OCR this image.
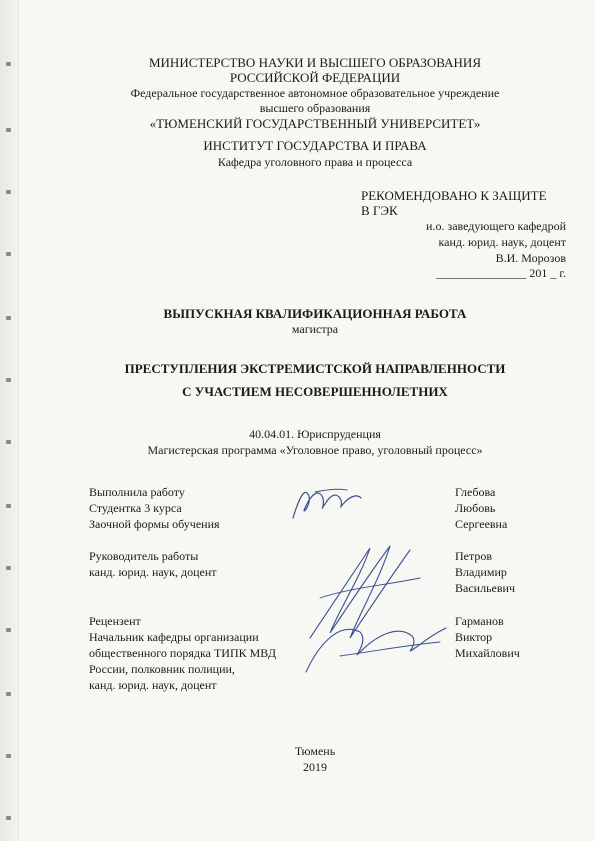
МИНИСТЕРСТВО НАУКИ И ВЫСШЕГО ОБРАЗОВАНИЯ
РОССИЙСКОЙ ФЕДЕРАЦИИ
Федеральное государственное автономное образовательное учреждение
высшего образования
«ТЮМЕНСКИЙ ГОСУДАРСТВЕННЫЙ УНИВЕРСИТЕТ»
ИНСТИТУТ ГОСУДАРСТВА И ПРАВА
Кафедра уголовного права и процесса
РЕКОМЕНДОВАНО К ЗАЩИТЕ
В ГЭК
и.о. заведующего кафедрой
канд. юрид. наук, доцент
В.И. Морозов
_______________ 201 _ г.
ВЫПУСКНАЯ КВАЛИФИКАЦИОННАЯ РАБОТА
магистра
ПРЕСТУПЛЕНИЯ ЭКСТРЕМИСТСКОЙ НАПРАВЛЕННОСТИ
С УЧАСТИЕМ НЕСОВЕРШЕННОЛЕТНИХ
40.04.01. Юриспруденция
Магистерская программа «Уголовное право, уголовный процесс»
Выполнила работу
Студентка 3 курса
Заочной формы обучения
Глебова
Любовь
Сергеевна
Руководитель работы
канд. юрид. наук, доцент
Петров
Владимир
Васильевич
Рецензент
Начальник кафедры организации
общественного порядка ТИПК МВД
России, полковник полиции,
канд. юрид. наук, доцент
Гарманов
Виктор
Михайлович
Тюмень
2019
